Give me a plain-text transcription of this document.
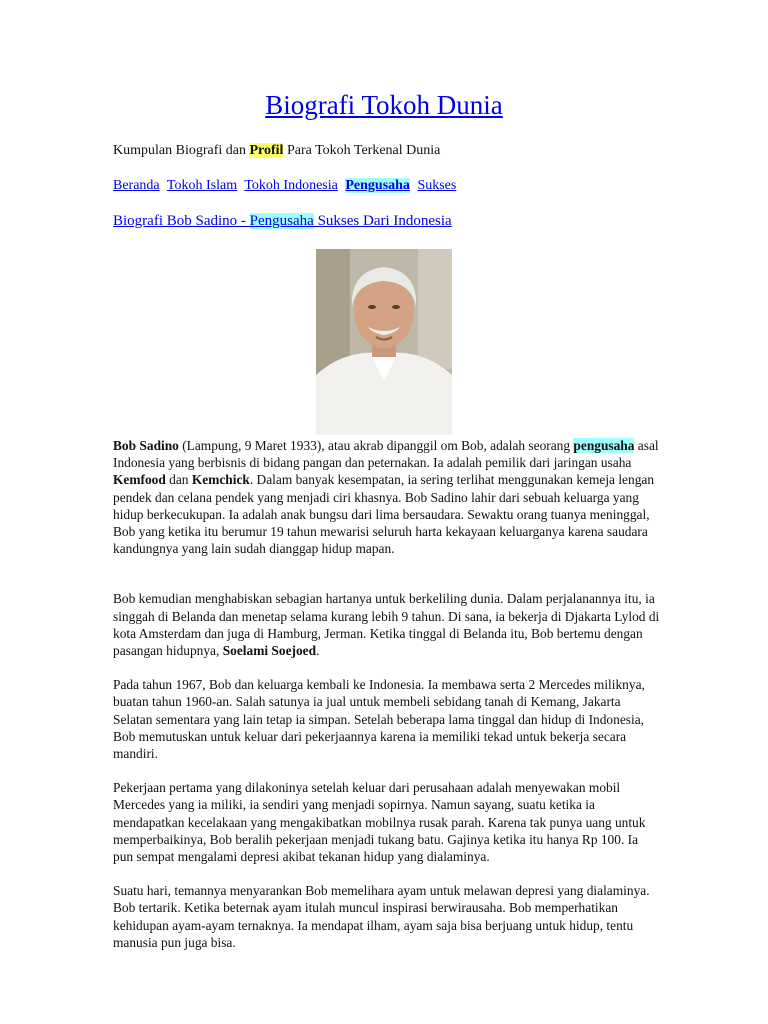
Biografi Tokoh Dunia

Kumpulan Biografi dan Profil Para Tokoh Terkenal Dunia

Beranda Tokoh Islam Tokoh Indonesia Pengusaha Sukses

Biografi Bob Sadino - Pengusaha Sukses Dari Indonesia

Bob Sadino (Lampung, 9 Maret 1933), atau akrab dipanggil om Bob, adalah seorang pengusaha asal Indonesia yang berbisnis di bidang pangan dan peternakan. Ia adalah pemilik dari jaringan usaha Kemfood dan Kemchick. Dalam banyak kesempatan, ia sering terlihat menggunakan kemeja lengan pendek dan celana pendek yang menjadi ciri khasnya. Bob Sadino lahir dari sebuah keluarga yang hidup berkecukupan. Ia adalah anak bungsu dari lima bersaudara. Sewaktu orang tuanya meninggal, Bob yang ketika itu berumur 19 tahun mewarisi seluruh harta kekayaan keluarganya karena saudara kandungnya yang lain sudah dianggap hidup mapan.

Bob kemudian menghabiskan sebagian hartanya untuk berkeliling dunia. Dalam perjalanannya itu, ia singgah di Belanda dan menetap selama kurang lebih 9 tahun. Di sana, ia bekerja di Djakarta Lylod di kota Amsterdam dan juga di Hamburg, Jerman. Ketika tinggal di Belanda itu, Bob bertemu dengan pasangan hidupnya, Soelami Soejoed.

Pada tahun 1967, Bob dan keluarga kembali ke Indonesia. Ia membawa serta 2 Mercedes miliknya, buatan tahun 1960-an. Salah satunya ia jual untuk membeli sebidang tanah di Kemang, Jakarta Selatan sementara yang lain tetap ia simpan. Setelah beberapa lama tinggal dan hidup di Indonesia, Bob memutuskan untuk keluar dari pekerjaannya karena ia memiliki tekad untuk bekerja secara mandiri.

Pekerjaan pertama yang dilakoninya setelah keluar dari perusahaan adalah menyewakan mobil Mercedes yang ia miliki, ia sendiri yang menjadi sopirnya. Namun sayang, suatu ketika ia mendapatkan kecelakaan yang mengakibatkan mobilnya rusak parah. Karena tak punya uang untuk memperbaikinya, Bob beralih pekerjaan menjadi tukang batu. Gajinya ketika itu hanya Rp 100. Ia pun sempat mengalami depresi akibat tekanan hidup yang dialaminya.

Suatu hari, temannya menyarankan Bob memelihara ayam untuk melawan depresi yang dialaminya. Bob tertarik. Ketika beternak ayam itulah muncul inspirasi berwirausaha. Bob memperhatikan kehidupan ayam-ayam ternaknya. Ia mendapat ilham, ayam saja bisa berjuang untuk hidup, tentu manusia pun juga bisa.
